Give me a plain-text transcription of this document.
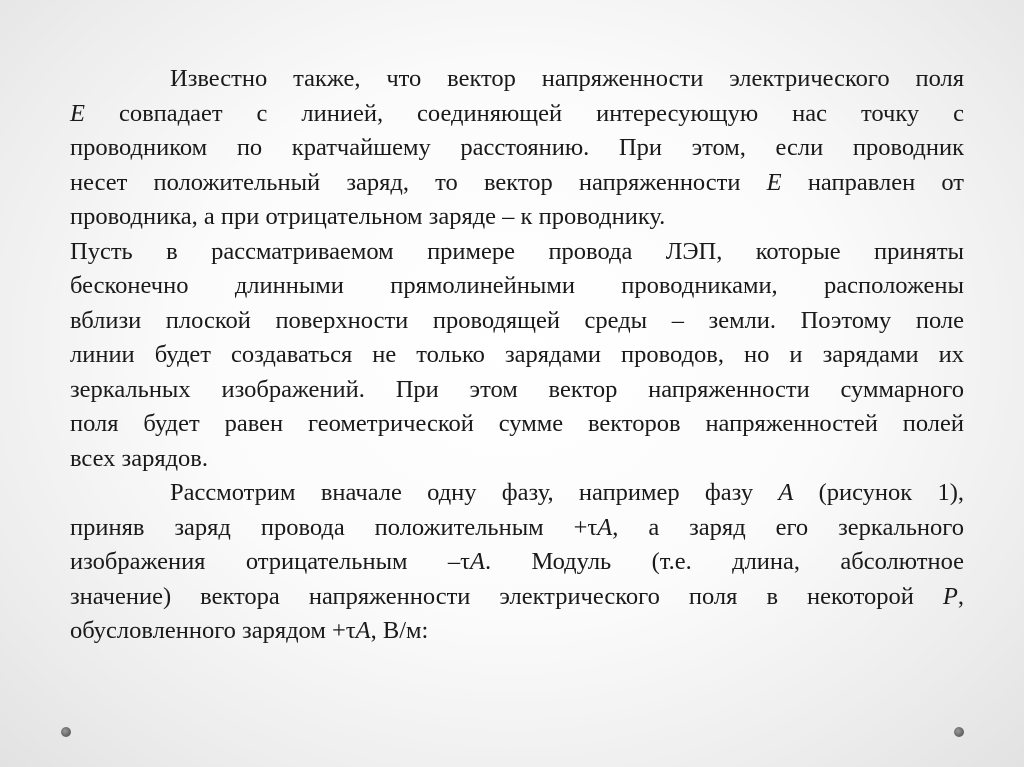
Известно также, что вектор напряженности электрического поля
E совпадает с линией, соединяющей интересующую нас точку с
проводником по кратчайшему расстоянию. При этом, если проводник
несет положительный заряд, то вектор напряженности E направлен от
проводника, а при отрицательном заряде – к проводнику.
Пусть в рассматриваемом примере провода ЛЭП, которые приняты
бесконечно длинными прямолинейными проводниками, расположены
вблизи плоской поверхности проводящей среды – земли. Поэтому поле
линии будет создаваться не только зарядами проводов, но и зарядами их
зеркальных изображений. При этом вектор напряженности суммарного
поля будет равен геометрической сумме векторов напряженностей полей
всех зарядов.
Рассмотрим вначале одну фазу, например фазу A (рисунок 1),
приняв заряд провода положительным +τA, а заряд его зеркального
изображения отрицательным –τA. Модуль (т.е. длина, абсолютное
значение) вектора напряженности электрического поля в некоторой P,
обусловленного зарядом +τA, В/м:
